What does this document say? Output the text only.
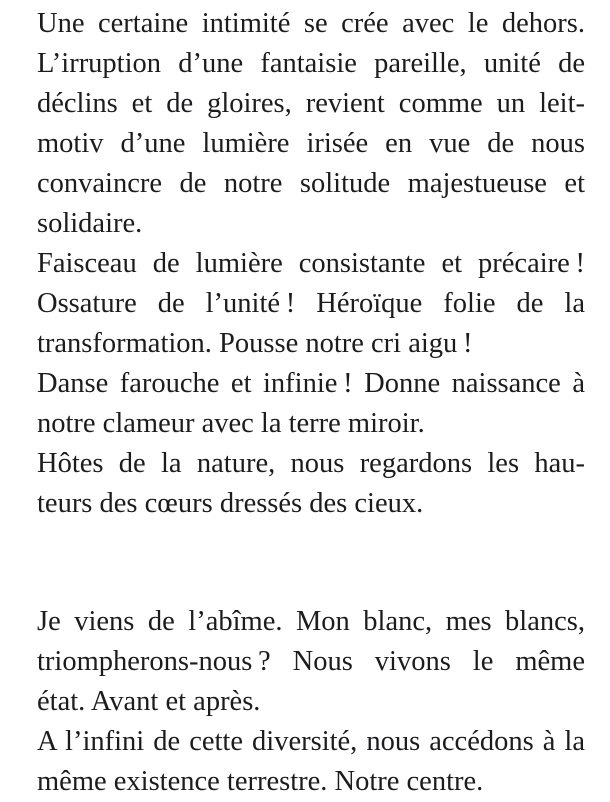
Une certaine intimité se crée avec le dehors.
L’irruption d’une fantaisie pareille, unité de
déclins et de gloires, revient comme un leit-
motiv d’une lumière irisée en vue de nous
convaincre de notre solitude majestueuse et
solidaire.

Faisceau de lumière consistante et précaire !
Ossature de l’unité ! Héroïque folie de la
transformation. Pousse notre cri aigu !

Danse farouche et infinie ! Donne naissance à
notre clameur avec la terre miroir.

Hôtes de la nature, nous regardons les hau-
teurs des cœurs dressés des cieux.

Je viens de l’abîme. Mon blanc, mes blancs,
triompherons-nous ? Nous vivons le même
état. Avant et après.

A l’infini de cette diversité, nous accédons à la
même existence terrestre. Notre centre.
